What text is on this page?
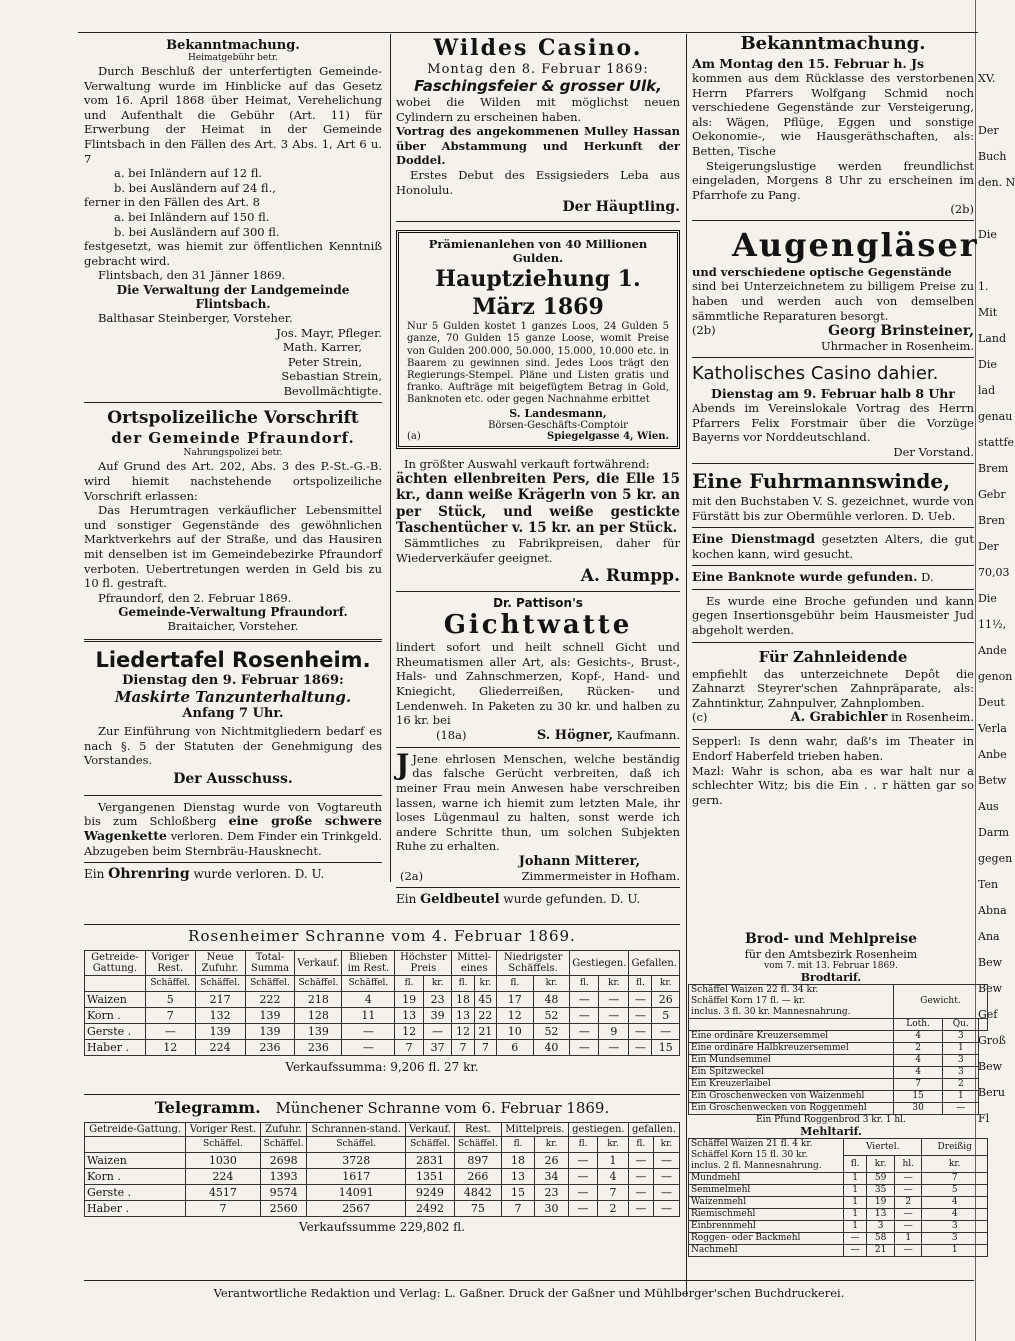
Bekanntmachung.
Heimatgebühr betr.

Durch Beschluß der unterfertigten Gemeinde-Verwaltung wurde im Hinblicke auf das Gesetz vom 16. April 1868 über Heimat, Verehelichung und Aufenthalt die Gebühr (Art. 11) für Erwerbung der Heimat in der Gemeinde Flintsbach in den Fällen des Art. 3 Abs. 1, Art 6 u. 7

a. bei Inländern auf 12 fl.

b. bei Ausländern auf 24 fl.,

ferner in den Fällen des Art. 8

a. bei Inländern auf 150 fl.

b. bei Ausländern auf 300 fl.

festgesetzt, was hiemit zur öffentlichen Kenntniß gebracht wird.

Flintsbach, den 31 Jänner 1869.

Die Verwaltung der Landgemeinde
Flintsbach.

Balthasar Steinberger, Vorsteher.

Jos. Mayr, Pfleger.

Math. Karrer,

Peter Strein,

Sebastian Strein,

Bevollmächtigte.

Ortspolizeiliche Vorschrift
der Gemeinde Pfraundorf.
Nahrungspolizei betr.

Auf Grund des Art. 202, Abs. 3 des P.-St.-G.-B. wird hiemit nachstehende ortspolizeiliche Vorschrift erlassen:

Das Herumtragen verkäuflicher Lebensmittel und sonstiger Gegenstände des gewöhnlichen Marktverkehrs auf der Straße, und das Hausiren mit denselben ist im Gemeindebezirke Pfraundorf verboten. Uebertretungen werden in Geld bis zu 10 fl. gestraft.

Pfraundorf, den 2. Februar 1869.

Gemeinde-Verwaltung Pfraundorf.

Braitaicher, Vorsteher.

Liedertafel Rosenheim.
Dienstag den 9. Februar 1869:
Maskirte Tanzunterhaltung.
Anfang 7 Uhr.

Zur Einführung von Nichtmitgliedern bedarf es nach §. 5 der Statuten der Genehmigung des Vorstandes.

Der Ausschuss.

Vergangenen Dienstag wurde von Vogtareuth bis zum Schloßberg eine große schwere Wagenkette verloren. Dem Finder ein Trinkgeld. Abzugeben beim Sternbräu-Hausknecht.

Ein Ohrenring wurde verloren. D. U.

Wildes Casino.
Montag den 8. Februar 1869:
Faschingsfeier & grosser Ulk,

wobei die Wilden mit möglichst neuen Cylindern zu erscheinen haben.

Vortrag des angekommenen Mulley Hassan über Abstammung und Herkunft der Doddel.

Erstes Debut des Essigsieders Leba aus Honolulu.

Der Häuptling.
Prämienanlehen von 40 Millionen Gulden.
Hauptziehung 1. März 1869

Nur 5 Gulden kostet 1 ganzes Loos, 24 Gulden 5 ganze, 70 Gulden 15 ganze Loose, womit Preise von Gulden 200.000, 50.000, 15.000, 10.000 etc. in Baarem zu gewinnen sind. Jedes Loos trägt den Regierungs-Stempel. Pläne und Listen gratis und franko. Aufträge mit beigefügtem Betrag in Gold, Banknoten etc. oder gegen Nachnahme erbittet

S. Landesmann,
Börsen-Geschäfts-Comptoir
(a)	Spiegelgasse 4, Wien.

In größter Auswahl verkauft fortwährend:

ächten ellenbreiten Pers, die Elle 15 kr., dann weiße Krägerln von 5 kr. an per Stück, und weiße gestickte Taschentücher v. 15 kr. an per Stück.

Sämmtliches zu Fabrikpreisen, daher für Wiederverkäufer geeignet.

A. Rumpp.
Dr. Pattison's
Gichtwatte

lindert sofort und heilt schnell Gicht und Rheumatismen aller Art, als: Gesichts-, Brust-, Hals- und Zahnschmerzen, Kopf-, Hand- und Kniegicht, Gliederreißen, Rücken- und Lendenweh. In Paketen zu 30 kr. und halben zu 16 kr. bei

(18a)	S. Högner, Kaufmann.

J Jene ehrlosen Menschen, welche beständig das falsche Gerücht verbreiten, daß ich meiner Frau mein Anwesen habe verschreiben lassen, warne ich hiemit zum letzten Male, ihr loses Lügenmaul zu halten, sonst werde ich andere Schritte thun, um solchen Subjekten Ruhe zu erhalten.

Johann Mitterer,
(2a)	Zimmermeister in Hofham.

Ein Geldbeutel wurde gefunden. D. U.

Bekanntmachung.
Am Montag den 15. Februar h. Js

kommen aus dem Rücklasse des verstorbenen Herrn Pfarrers Wolfgang Schmid noch verschiedene Gegenstände zur Versteigerung, als: Wägen, Pflüge, Eggen und sonstige Oekonomie-, wie Hausgeräthschaften, als: Betten, Tische

Steigerungslustige werden freundlichst eingeladen, Morgens 8 Uhr zu erscheinen im Pfarrhofe zu Pang.

(2b)
Augengläser
und verschiedene optische Gegenstände

sind bei Unterzeichnetem zu billigem Preise zu haben und werden auch von demselben sämmtliche Reparaturen besorgt.

(2b)	Georg Brinsteiner,
Uhrmacher in Rosenheim.
Katholisches Casino dahier.
Dienstag am 9. Februar halb 8 Uhr

Abends im Vereinslokale Vortrag des Herrn Pfarrers Felix Forstmair über die Vorzüge Bayerns vor Norddeutschland.

Der Vorstand.
Eine Fuhrmannswinde,

mit den Buchstaben V. S. gezeichnet, wurde von Fürstätt bis zur Obermühle verloren. D. Ueb.

Eine Dienstmagd gesetzten Alters, die gut kochen kann, wird gesucht.

Eine Banknote wurde gefunden. D.

Es wurde eine Broche gefunden und kann gegen Insertionsgebühr beim Hausmeister Jud abgeholt werden.

Für Zahnleidende

empfiehlt das unterzeichnete Depôt die Zahnarzt Steyrer'schen Zahnpräparate, als: Zahntinktur, Zahnpulver, Zahnplomben.

(c)	A. Grabichler in Rosenheim.

Sepperl: Is denn wahr, daß's im Theater in Endorf Haberfeld trieben haben.

Mazl: Wahr is schon, aba es war halt nur a schlechter Witz; bis die Ein . . r hätten gar so gern.

XV.
Der
Buch
den. N
Die
1.
Mit
Land
Die
lad
genau
stattfe
Brem
Gebr
Bren
Der
70,03
Die
11½,
Ande
genon
Deut
Verla
Anbe
Betw
Aus
Darm
gegen
Ten
Abna
Ana
Bew
Bew
Gef
Groß
Bew
Beru
Fl
Rosenheimer Schranne vom 4. Februar 1869.
Getreide-Gattung.	Voriger Rest.	Neue Zufuhr.	Total-Summa	Verkauf.	Blieben im Rest.	Höchster Preis		Mittel- eines		Niedrigster Schäffels.		Gestiegen.		Gefallen.	
	Schäffel.	Schäffel.	Schäffel.	Schäffel.	Schäffel.	fl.	kr.	fl.	kr.	fl.	kr.	fl.	kr.	fl.	kr.
Waizen	5	217	222	218	4	19	23	18	45	17	48	—	—	—	26
Korn .	7	132	139	128	11	13	39	13	22	12	52	—	—	—	5
Gerste .	—	139	139	139	—	12	—	12	21	10	52	—	9	—	—
Haber .	12	224	236	236	—	7	37	7	7	6	40	—	—	—	15
Verkaufssumma: 9,206 fl. 27 kr.
Telegramm. Münchener Schranne vom 6. Februar 1869.
Getreide-Gattung.	Voriger Rest.	Zufuhr.	Schrannen-stand.	Verkauf.	Rest.	Mittelpreis.		gestiegen.		gefallen.	
	Schäffel.	Schäffel.	Schäffel.	Schäffel.	Schäffel.	fl.	kr.	fl.	kr.	fl.	kr.
Waizen	1030	2698	3728	2831	897	18	26	—	1	—	—
Korn .	224	1393	1617	1351	266	13	34	—	4	—	—
Gerste .	4517	9574	14091	9249	4842	15	23	—	7	—	—
Haber .	7	2560	2567	2492	75	7	30	—	2	—	—
Verkaufssumme 229,802 fl.
Brod- und Mehlpreise
für den Amtsbezirk Rosenheim
vom 7. mit 13. Februar 1869.
Brodtarif.
Schäffel Waizen 22 fl. 34 kr.
Schäffel Korn 17 fl. — kr.
inclus. 3 fl. 30 kr. Mannesnahrung.	Gewicht.		
	Loth.	Qu.	
Eine ordinäre Kreuzersemmel	4	3	
Eine ordinäre Halbkreuzersemmel	2	1	
Ein Mundsemmel	4	3	
Ein Spitzweckel	4	3	
Ein Kreuzerlaibel	7	2	
Ein Groschenwecken von Waizenmehl	15	1	
Ein Groschenwecken von Roggenmehl	30	—	
Ein Pfund Roggenbrod 3 kr. 1 hl.
Mehltarif.
Schäffel Waizen 21 fl. 4 kr.
Schäffel Korn 15 fl. 30 kr.
inclus. 2 fl. Mannesnahrung.	Viertel.			Dreißig
	fl.	kr.	hl.	kr.
Mundmehl	1	59	—	7
Semmelmehl	1	35	—	5
Waizenmehl	1	19	2	4
Riemischmehl	1	13	—	4
Einbrennmehl	1	3	—	3
Roggen- oder Backmehl	—	58	1	3
Nachmehl	—	21	—	1
Verantwortliche Redaktion und Verlag: L. Gaßner. Druck der Gaßner und Mühlberger'schen Buchdruckerei.
